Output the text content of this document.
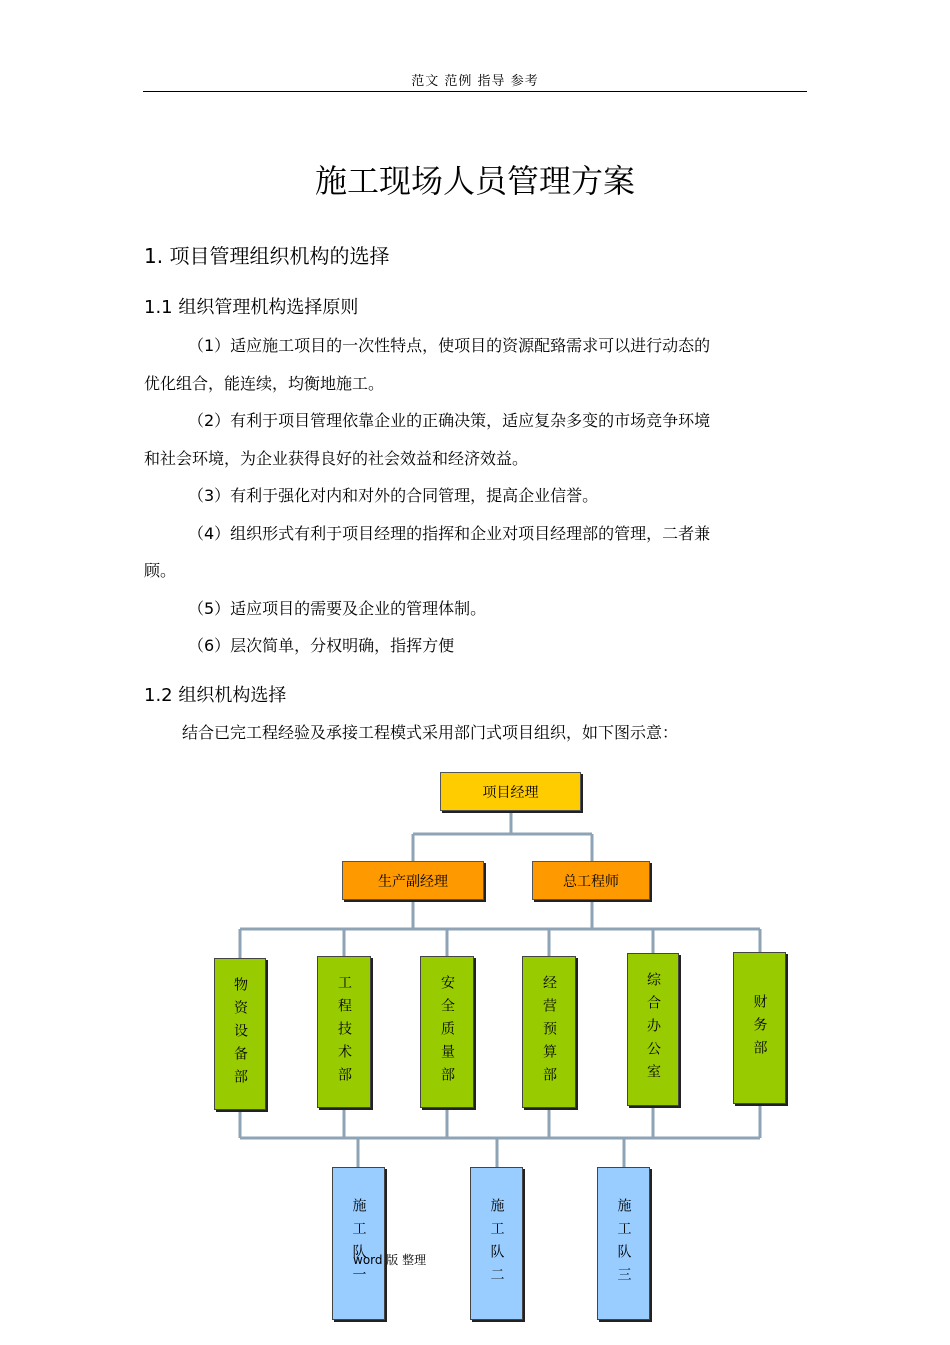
范文 范例 指导 参考
施工现场人员管理方案
1. 项目管理组织机构的选择
1.1 组织管理机构选择原则
（1）适应施工项目的一次性特点，使项目的资源配臵需求可以进行动态的
优化组合，能连续，均衡地施工。
（2）有利于项目管理依靠企业的正确决策，适应复杂多变的市场竞争环境
和社会环境，为企业获得良好的社会效益和经济效益。
（3）有利于强化对内和对外的合同管理，提高企业信誉。
（4）组织形式有利于项目经理的指挥和企业对项目经理部的管理，二者兼
顾。
（5）适应项目的需要及企业的管理体制。
（6）层次简单，分权明确，指挥方便
1.2 组织机构选择
结合已完工程经验及承接工程模式采用部门式项目组织，如下图示意：
项目经理
生产副经理	总工程师
物资设备部	工程技术部	安全质量部	经营预算部	综合办公室	财务部
施工队一	施工队二	施工队三
word 版 整理
